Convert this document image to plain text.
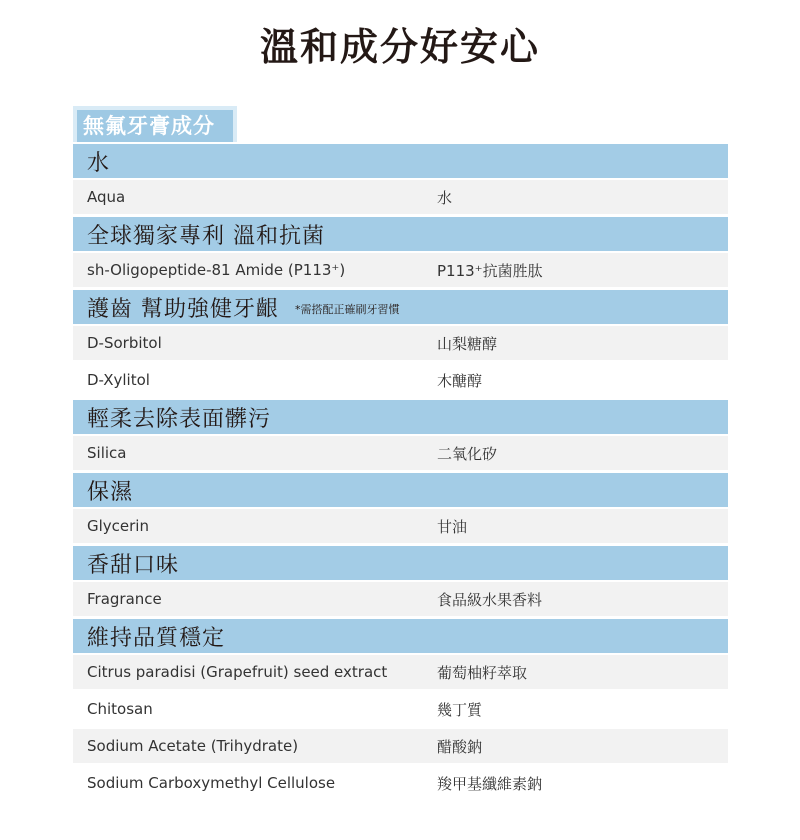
溫和成分好安心
無氟牙膏成分
水
Aqua	水
全球獨家專利 溫和抗菌
sh-Oligopeptide-81 Amide (P113⁺)	P113⁺抗菌胜肽
護齒 幫助強健牙齦 *需搭配正確刷牙習慣
D-Sorbitol	山梨糖醇
D-Xylitol	木醣醇
輕柔去除表面髒污
Silica	二氧化矽
保濕
Glycerin	甘油
香甜口味
Fragrance	食品級水果香料
維持品質穩定
Citrus paradisi (Grapefruit) seed extract	葡萄柚籽萃取
Chitosan	幾丁質
Sodium Acetate (Trihydrate)	醋酸鈉
Sodium Carboxymethyl Cellulose	羧甲基纖維素鈉
